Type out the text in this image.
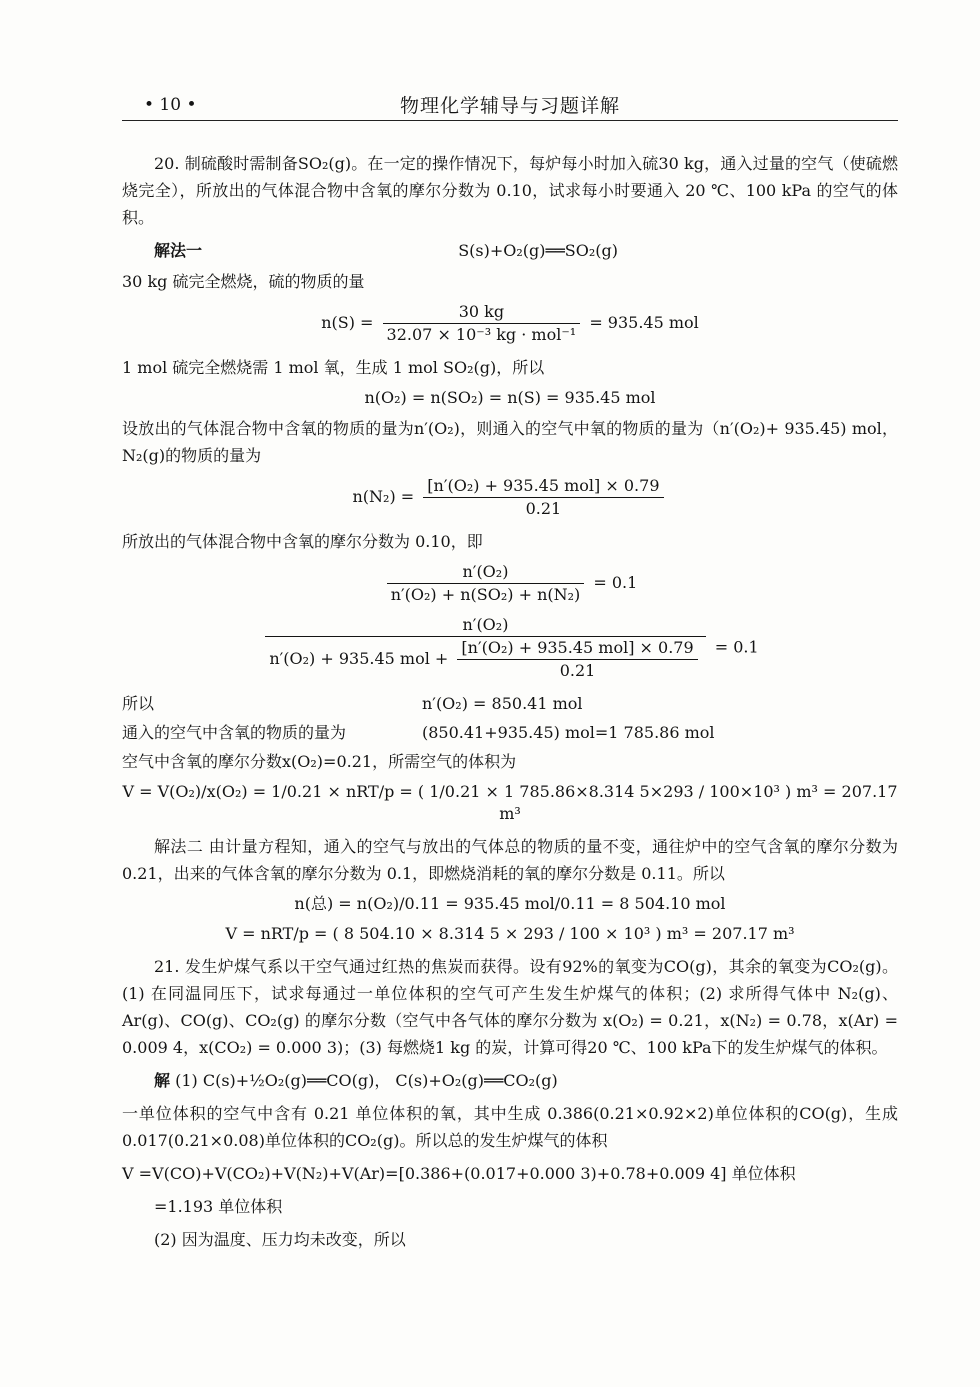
• 10 •	物理化学辅导与习题详解

20. 制硫酸时需制备SO₂(g)。在一定的操作情况下，每炉每小时加入硫30 kg，通入过量的空气（使硫燃烧完全），所放出的气体混合物中含氧的摩尔分数为 0.10，试求每小时要通入 20 ℃、100 kPa 的空气的体积。

解法一	S(s)+O₂(g)══SO₂(g)

30 kg 硫完全燃烧，硫的物质的量

$n(S) = \frac{30 kg}{\text{32.07 × 10⁻³ kg · mol⁻¹}} = 935.45$ mol

1 mol 硫完全燃烧需 1 mol 氧，生成 1 mol SO₂(g)，所以

n(O₂) = n(SO₂) = n(S) = 935.45 mol

设放出的气体混合物中含氧的物质的量为n′(O₂)，则通入的空气中氧的物质的量为（n′(O₂)+ 935.45) mol，N₂(g)的物质的量为

$n(N_2) = \frac{\text{[n′(O₂) + 935.45 mol] × 0.79}}{0.21}$

所放出的气体混合物中含氧的摩尔分数为 0.10，即

$\frac{\text{n′(O₂)}}{\text{n′(O₂) + n(SO₂) + n(N₂)}} = 0.1$
n′(O₂)
n′(O₂) + 935.45 mol + $\frac{\text{[n′(O₂) + 935.45 mol] × 0.79}}{0.21} = 0.1$
所以	n′(O₂) = 850.41 mol
通入的空气中含氧的物质的量为	(850.41+935.45) mol=1 785.86 mol

空气中含氧的摩尔分数x(O₂)=0.21，所需空气的体积为

V = V(O₂)/x(O₂) = 1/0.21 × nRT/p = ( 1/0.21 × 1 785.86×8.314 5×293 / 100×10³ ) m³ = 207.17 m³

解法二 由计量方程知，通入的空气与放出的气体总的物质的量不变，通往炉中的空气含氧的摩尔分数为 0.21，出来的气体含氧的摩尔分数为 0.1，即燃烧消耗的氧的摩尔分数是 0.11。所以

n(总) = n(O₂)/0.11 = 935.45 mol/0.11 = 8 504.10 mol
V = nRT/p = ( 8 504.10 × 8.314 5 × 293 / 100 × 10³ ) m³ = 207.17 m³

21. 发生炉煤气系以干空气通过红热的焦炭而获得。设有92%的氧变为CO(g)，其余的氧变为CO₂(g)。(1) 在同温同压下，试求每通过一单位体积的空气可产生发生炉煤气的体积；(2) 求所得气体中 N₂(g)、Ar(g)、CO(g)、CO₂(g) 的摩尔分数（空气中各气体的摩尔分数为 x(O₂) = 0.21，x(N₂) = 0.78，x(Ar) = 0.009 4，x(CO₂) = 0.000 3)；(3) 每燃烧1 kg 的炭，计算可得20 ℃、100 kPa下的发生炉煤气的体积。

解 (1) C(s)+½O₂(g)══CO(g)， C(s)+O₂(g)══CO₂(g)

一单位体积的空气中含有 0.21 单位体积的氧，其中生成 0.386(0.21×0.92×2)单位体积的CO(g)，生成 0.017(0.21×0.08)单位体积的CO₂(g)。所以总的发生炉煤气的体积

V =V(CO)+V(CO₂)+V(N₂)+V(Ar)=[0.386+(0.017+0.000 3)+0.78+0.009 4] 单位体积

=1.193 单位体积

(2) 因为温度、压力均未改变，所以
